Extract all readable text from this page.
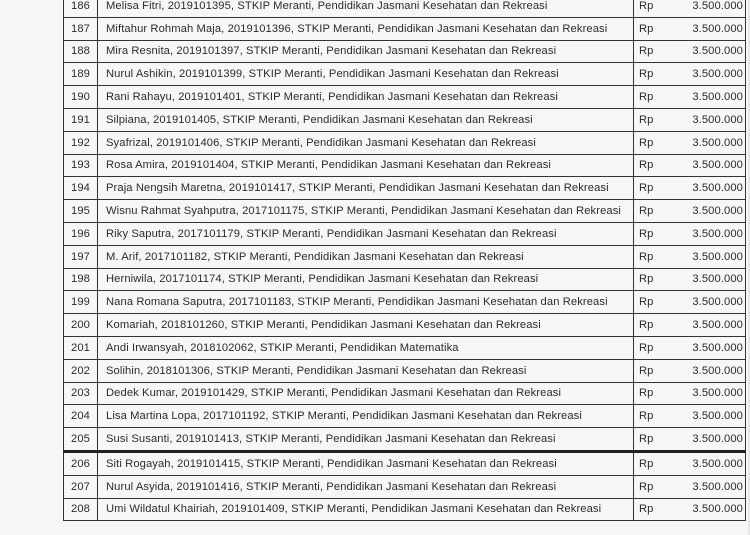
186	Melisa Fitri, 2019101395, STKIP Meranti, Pendidikan Jasmani Kesehatan dan Rekreasi	Rp	3.500.000
187	Miftahur Rohmah Maja, 2019101396, STKIP Meranti, Pendidikan Jasmani Kesehatan dan Rekreasi	Rp	3.500.000
188	Mira Resnita, 2019101397, STKIP Meranti, Pendidikan Jasmani Kesehatan dan Rekreasi	Rp	3.500.000
189	Nurul Ashikin, 2019101399, STKIP Meranti, Pendidikan Jasmani Kesehatan dan Rekreasi	Rp	3.500.000
190	Rani Rahayu, 2019101401, STKIP Meranti, Pendidikan Jasmani Kesehatan dan Rekreasi	Rp	3.500.000
191	Silpiana, 2019101405, STKIP Meranti, Pendidikan Jasmani Kesehatan dan Rekreasi	Rp	3.500.000
192	Syafrizal, 2019101406, STKIP Meranti, Pendidikan Jasmani Kesehatan dan Rekreasi	Rp	3.500.000
193	Rosa Amira, 2019101404, STKIP Meranti, Pendidikan Jasmani Kesehatan dan Rekreasi	Rp	3.500.000
194	Praja Nengsih Maretna, 2019101417, STKIP Meranti, Pendidikan Jasmani Kesehatan dan Rekreasi	Rp	3.500.000
195	Wisnu Rahmat Syahputra, 2017101175, STKIP Meranti, Pendidikan Jasmani Kesehatan dan Rekreasi	Rp	3.500.000
196	Riky Saputra, 2017101179, STKIP Meranti, Pendidikan Jasmani Kesehatan dan Rekreasi	Rp	3.500.000
197	M. Arif, 2017101182, STKIP Meranti, Pendidikan Jasmani Kesehatan dan Rekreasi	Rp	3.500.000
198	Herniwila, 2017101174, STKIP Meranti, Pendidikan Jasmani Kesehatan dan Rekreasi	Rp	3.500.000
199	Nana Romana Saputra, 2017101183, STKIP Meranti, Pendidikan Jasmani Kesehatan dan Rekreasi	Rp	3.500.000
200	Komariah, 2018101260, STKIP Meranti, Pendidikan Jasmani Kesehatan dan Rekreasi	Rp	3.500.000
201	Andi Irwansyah, 2018102062, STKIP Meranti, Pendidikan Matematika	Rp	3.500.000
202	Solihin, 2018101306, STKIP Meranti, Pendidikan Jasmani Kesehatan dan Rekreasi	Rp	3.500.000
203	Dedek Kumar, 2019101429, STKIP Meranti, Pendidikan Jasmani Kesehatan dan Rekreasi	Rp	3.500.000
204	Lisa Martina Lopa, 2017101192, STKIP Meranti, Pendidikan Jasmani Kesehatan dan Rekreasi	Rp	3.500.000
205	Susi Susanti, 2019101413, STKIP Meranti, Pendidikan Jasmani Kesehatan dan Rekreasi	Rp	3.500.000
206	Siti Rogayah, 2019101415, STKIP Meranti, Pendidikan Jasmani Kesehatan dan Rekreasi	Rp	3.500.000
207	Nurul Asyida, 2019101416, STKIP Meranti, Pendidikan Jasmani Kesehatan dan Rekreasi	Rp	3.500.000
208	Umi Wildatul Khairiah, 2019101409, STKIP Meranti, Pendidikan Jasmani Kesehatan dan Rekreasi	Rp	3.500.000
